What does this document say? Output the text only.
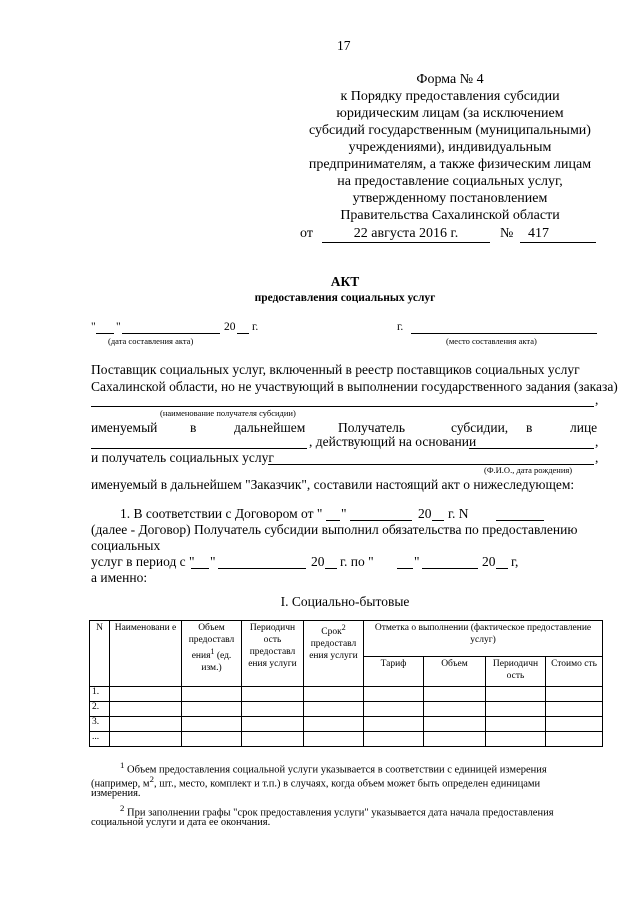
17
Форма № 4
к Порядку предоставления субсидии
юридическим лицам (за исключением
субсидий государственным (муниципальными)
учреждениями), индивидуальным
предпринимателям, а также физическим лицам
на предоставление социальных услуг,
утвержденному постановлением
Правительства Сахалинской области
от	22 августа 2016 г.	№	417
АКТ
предоставления социальных услуг
" "	20 г.
(дата составления акта)
г.
(место составления акта)
Поставщик социальных услуг, включенный в реестр поставщиков социальных услуг
Сахалинской области, но не участвующий в выполнении государственного задания (заказа)
,
(наименование получателя субсидии)
именуемый в	дальнейшем Получатель	субсидии, в	лице
, действующий на основании	,
и получатель социальных услуг	,
(Ф.И.О., дата рождения)
именуемый в дальнейшем "Заказчик", составили настоящий акт о нижеследующем:
1. В соответствии с Договором от " "	20 г. N
(далее - Договор) Получатель субсидии выполнил обязательства по предоставлению
социальных
услуг в период с " "	20 г. по "	"	20 г,
а именно:
I. Социально-бытовые
N	Наименовани е	Объем предоставл ения$^1$ (ед. изм.)	Периодичн ость предоставл ения услуги	Срок$^2$ предоставл ения услуги	Отметка о выполнении (фактическое предоставление услуг)			
					Тариф	Объем	Периодичн ость	Стоимо сть
1.								
2.								
3.								
...								
$^1$ Объем предоставления социальной услуги указывается в соответствии с единицей измерения
(например, $м^2$, шт., место, комплект и т.п.) в случаях, когда объем может быть определен единицами
измерения.
$^2$ При заполнении графы "срок предоставления услуги" указывается дата начала предоставления
социальной услуги и дата ее окончания.
